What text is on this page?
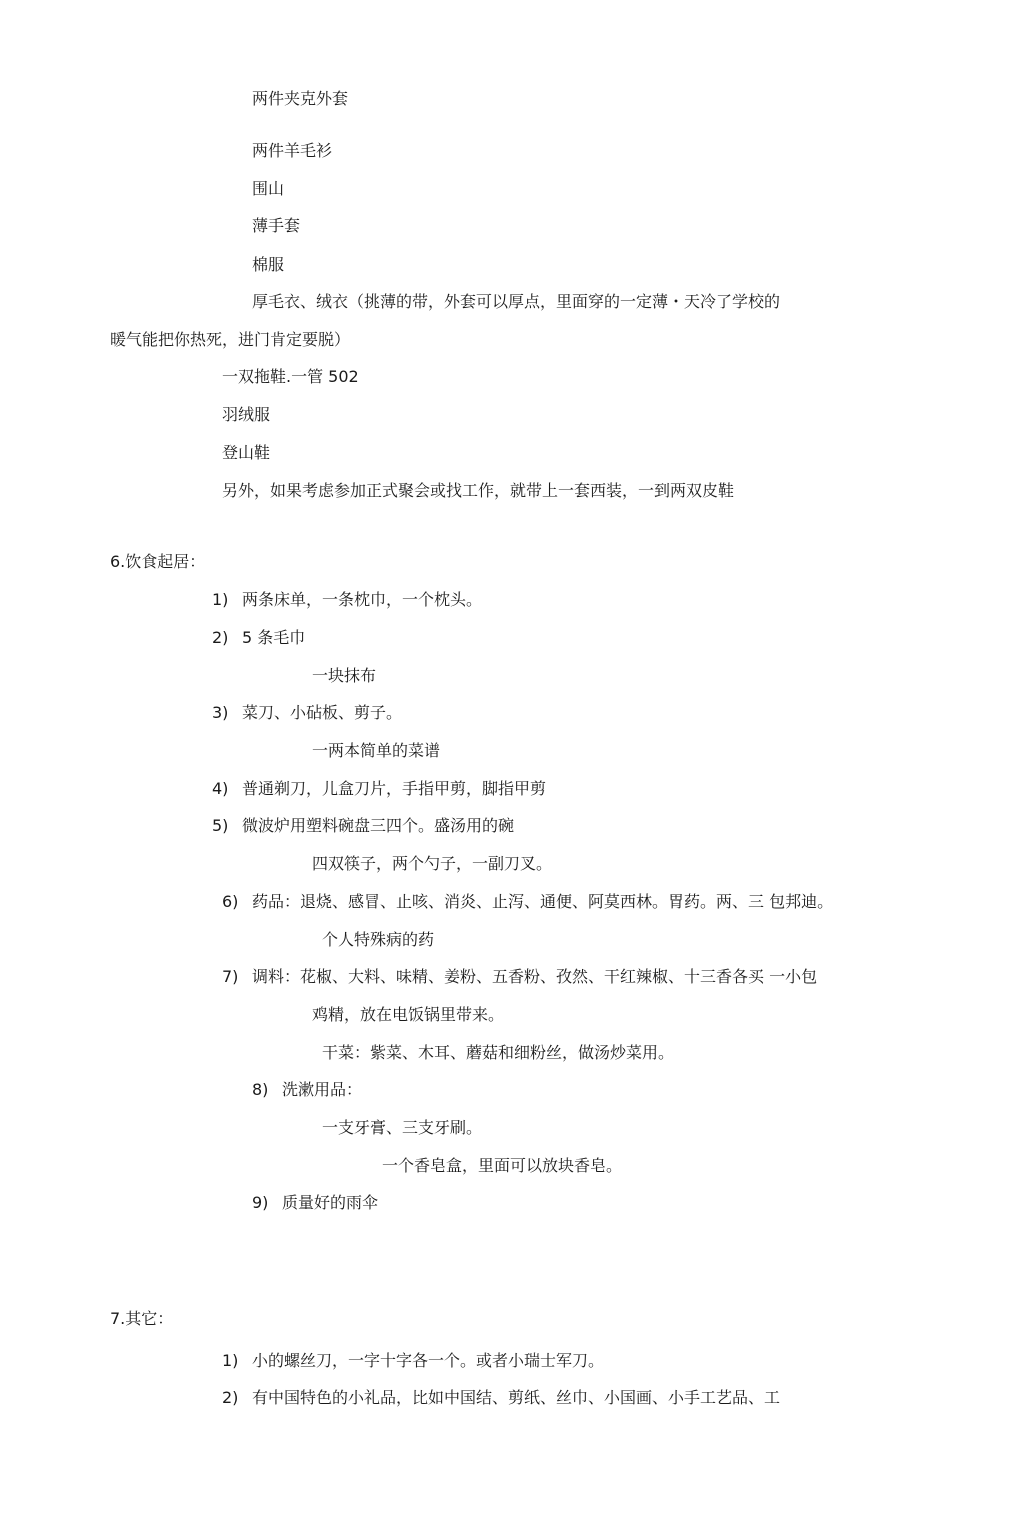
两件夹克外套
两件羊毛衫
围山
薄手套
棉服
厚毛衣、绒衣（挑薄的带，外套可以厚点，里面穿的一定薄・天冷了学校的
暖气能把你热死，进门肯定要脱）
一双拖鞋.一管 502
羽绒服
登山鞋
另外，如果考虑参加正式聚会或找工作，就带上一套西装，一到两双皮鞋
6.饮食起居：
1) 两条床单，一条枕巾，一个枕头。
2) 5 条毛巾
一块抹布
3) 菜刀、小砧板、剪子。
一两本简单的菜谱
4) 普通剃刀，儿盒刀片，手指甲剪，脚指甲剪
5) 微波炉用塑料碗盘三四个。盛汤用的碗
四双筷子，两个勺子，一副刀叉。
6) 药品：退烧、感冒、止咳、消炎、止泻、通便、阿莫西林。胃药。两、三 包邦迪。
个人特殊病的药
7) 调料：花椒、大料、味精、姜粉、五香粉、孜然、干红辣椒、十三香各买 一小包
鸡精，放在电饭锅里带来。
干菜：紫菜、木耳、蘑菇和细粉丝，做汤炒菜用。
8) 洗漱用品：
一支牙膏、三支牙刷。
一个香皂盒，里面可以放块香皂。
9) 质量好的雨伞
7.其它：
1) 小的螺丝刀，一字十字各一个。或者小瑞士军刀。
2) 有中国特色的小礼品，比如中国结、剪纸、丝巾、小国画、小手工艺品、工
